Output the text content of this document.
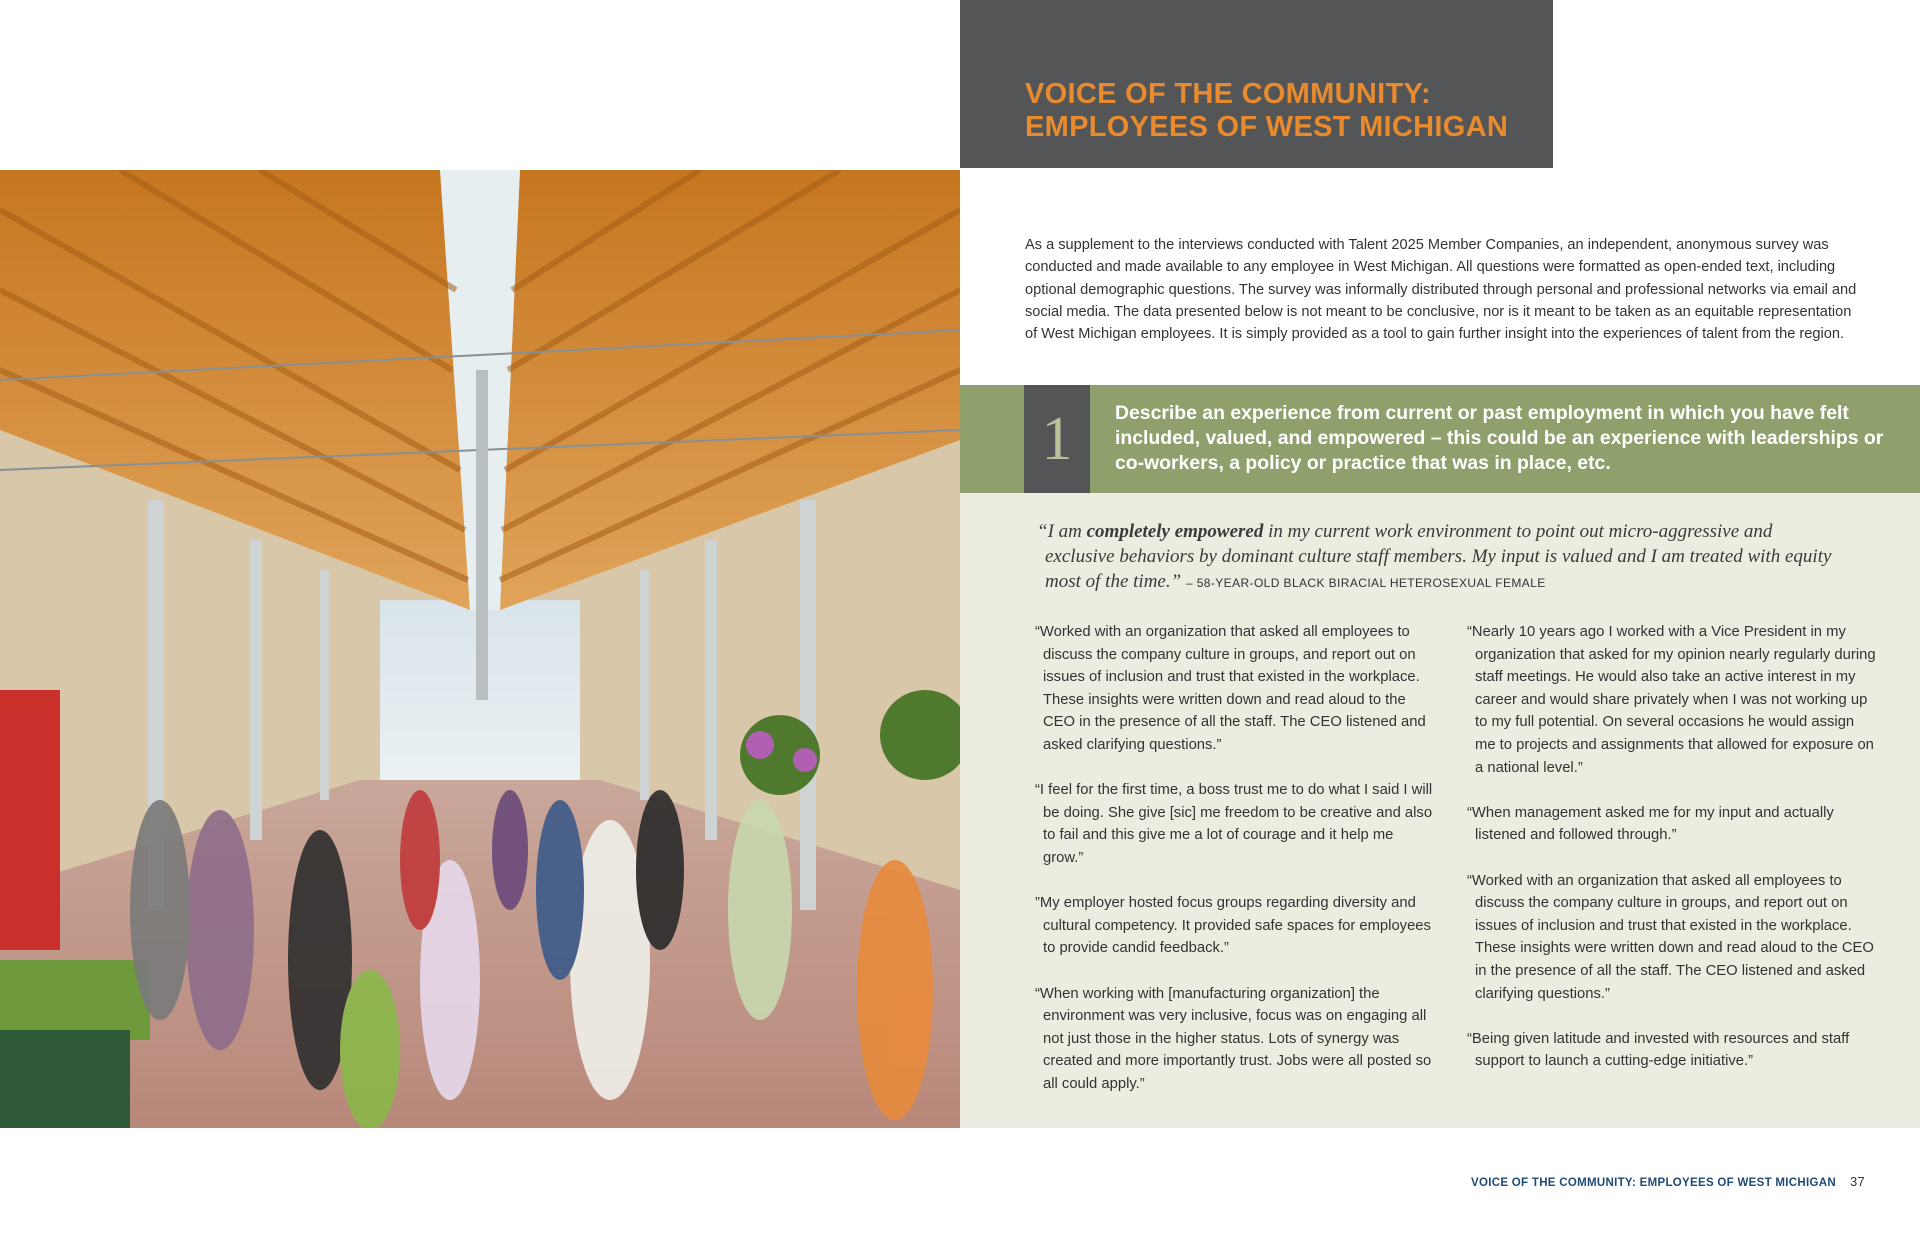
VOICE OF THE COMMUNITY:
EMPLOYEES OF WEST MICHIGAN

As a supplement to the interviews conducted with Talent 2025 Member Companies, an independent, anonymous survey was conducted and made available to any employee in West Michigan. All questions were formatted as open-ended text, including optional demographic questions. The survey was informally distributed through personal and professional networks via email and social media. The data presented below is not meant to be conclusive, nor is it meant to be taken as an equitable representation of West Michigan employees. It is simply provided as a tool to gain further insight into the experiences of talent from the region.

1	Describe an experience from current or past employment in which you have felt included, valued, and empowered – this could be an experience with leaderships or co-workers, a policy or practice that was in place, etc.

“I am completely empowered in my current work environment to point out micro-aggressive and exclusive behaviors by dominant culture staff members. My input is valued and I am treated with equity most of the time.” – 58-YEAR-OLD BLACK BIRACIAL HETEROSEXUAL FEMALE

“Worked with an organization that asked all employees to discuss the company culture in groups, and report out on issues of inclusion and trust that existed in the workplace. These insights were written down and read aloud to the CEO in the presence of all the staff. The CEO listened and asked clarifying questions.”

“I feel for the first time, a boss trust me to do what I said I will be doing. She give [sic] me freedom to be creative and also to fail and this give me a lot of courage and it help me grow.”

”My employer hosted focus groups regarding diversity and cultural competency. It provided safe spaces for employees to provide candid feedback.”

“When working with [manufacturing organization] the environment was very inclusive, focus was on engaging all not just those in the higher status. Lots of synergy was created and more importantly trust. Jobs were all posted so all could apply.”

“Nearly 10 years ago I worked with a Vice President in my organization that asked for my opinion nearly regularly during staff meetings. He would also take an active interest in my career and would share privately when I was not working up to my full potential. On several occasions he would assign me to projects and assignments that allowed for exposure on a national level.”

“When management asked me for my input and actually listened and followed through.”

“Worked with an organization that asked all employees to discuss the company culture in groups, and report out on issues of inclusion and trust that existed in the workplace. These insights were written down and read aloud to the CEO in the presence of all the staff. The CEO listened and asked clarifying questions.”

“Being given latitude and invested with resources and staff support to launch a cutting-edge initiative.”

VOICE OF THE COMMUNITY: EMPLOYEES OF WEST MICHIGAN 37
